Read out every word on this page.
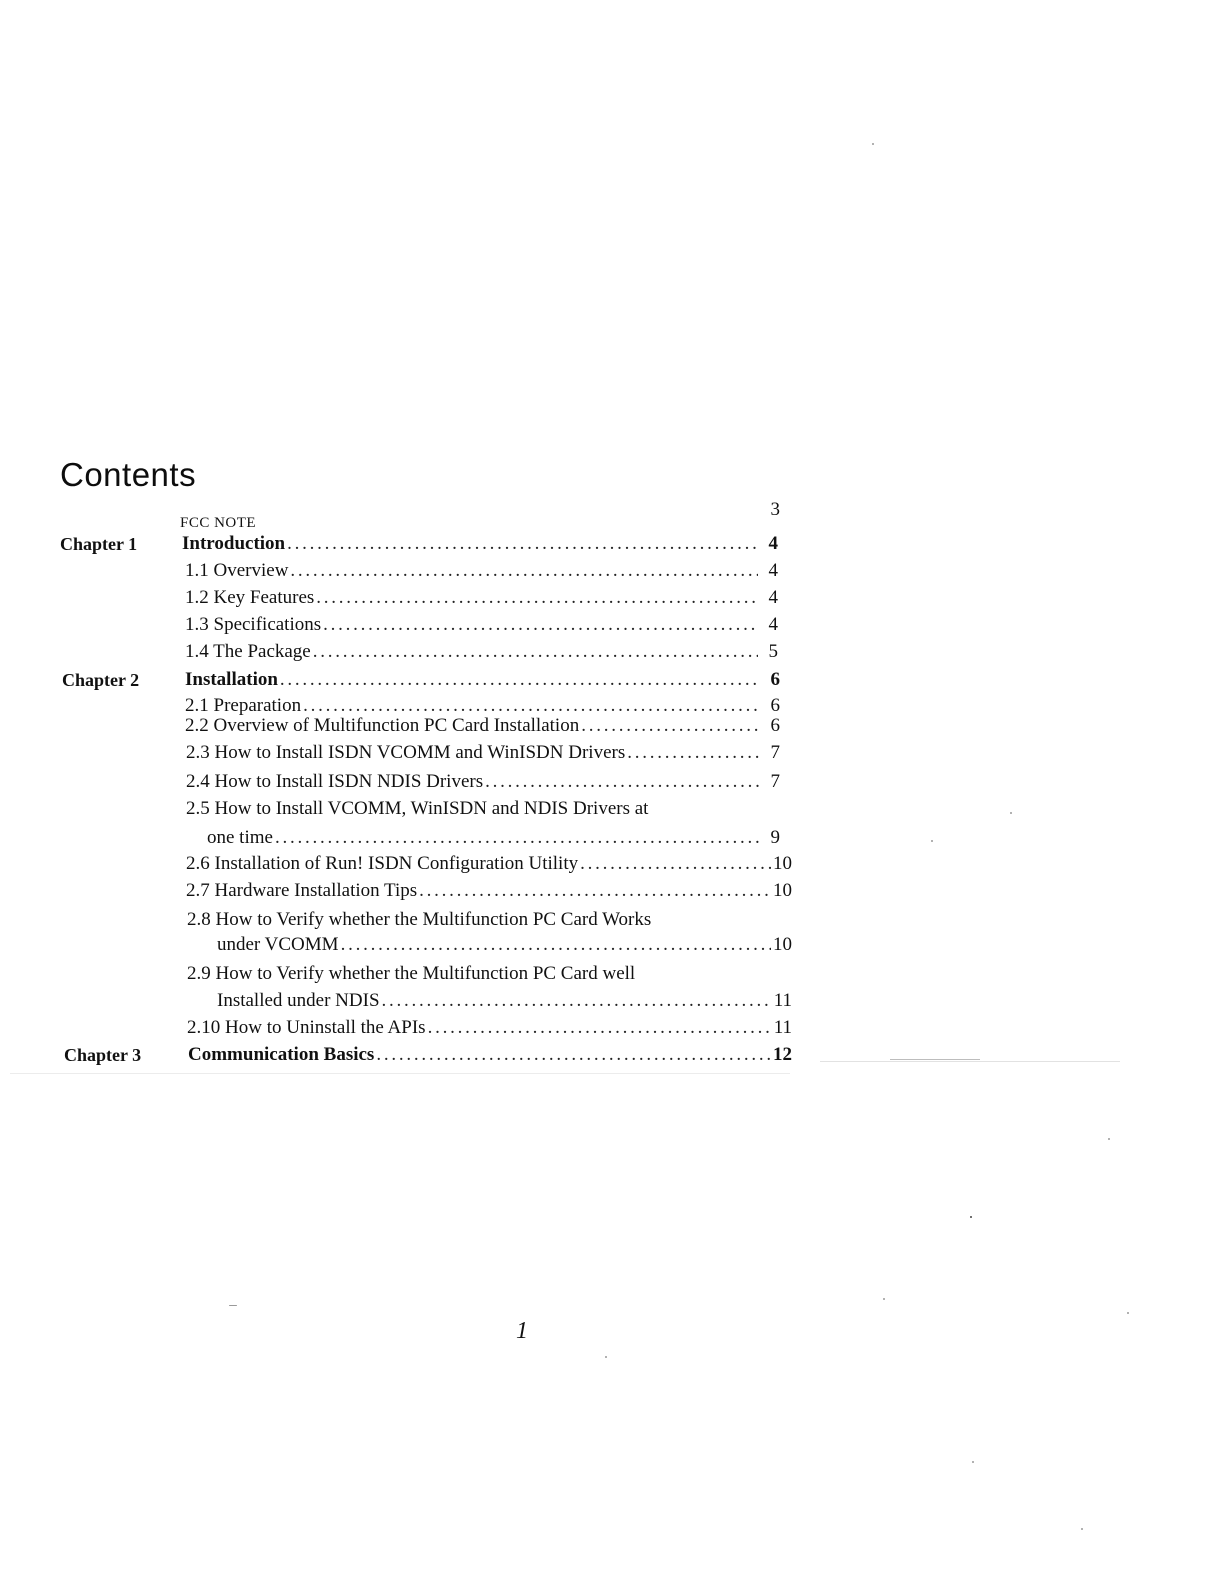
Contents
3
FCC NOTE
Chapter 1 Introduction . . .	4
1.1 Overview . . .	4
1.2 Key Features . . .	4
1.3 Specifications . . .	4
1.4 The Package . . .	5
Chapter 2 Installation . . .	6
2.1 Preparation . . .	6
2.2 Overview of Multifunction PC Card Installation . . .	6
2.3 How to Install ISDN VCOMM and WinISDN Drivers . . .	7
2.4 How to Install ISDN NDIS Drivers . . .	7
2.5 How to Install VCOMM, WinISDN and NDIS Drivers at
one time . . .	9
2.6 Installation of Run! ISDN Configuration Utility . . .	10
2.7 Hardware Installation Tips . . .	10
2.8 How to Verify whether the Multifunction PC Card Works
under VCOMM . . .	10
2.9 How to Verify whether the Multifunction PC Card well
Installed under NDIS . . .	11
2.10 How to Uninstall the APIs . . .	11
Chapter 3 Communication Basics . . .	12
1
